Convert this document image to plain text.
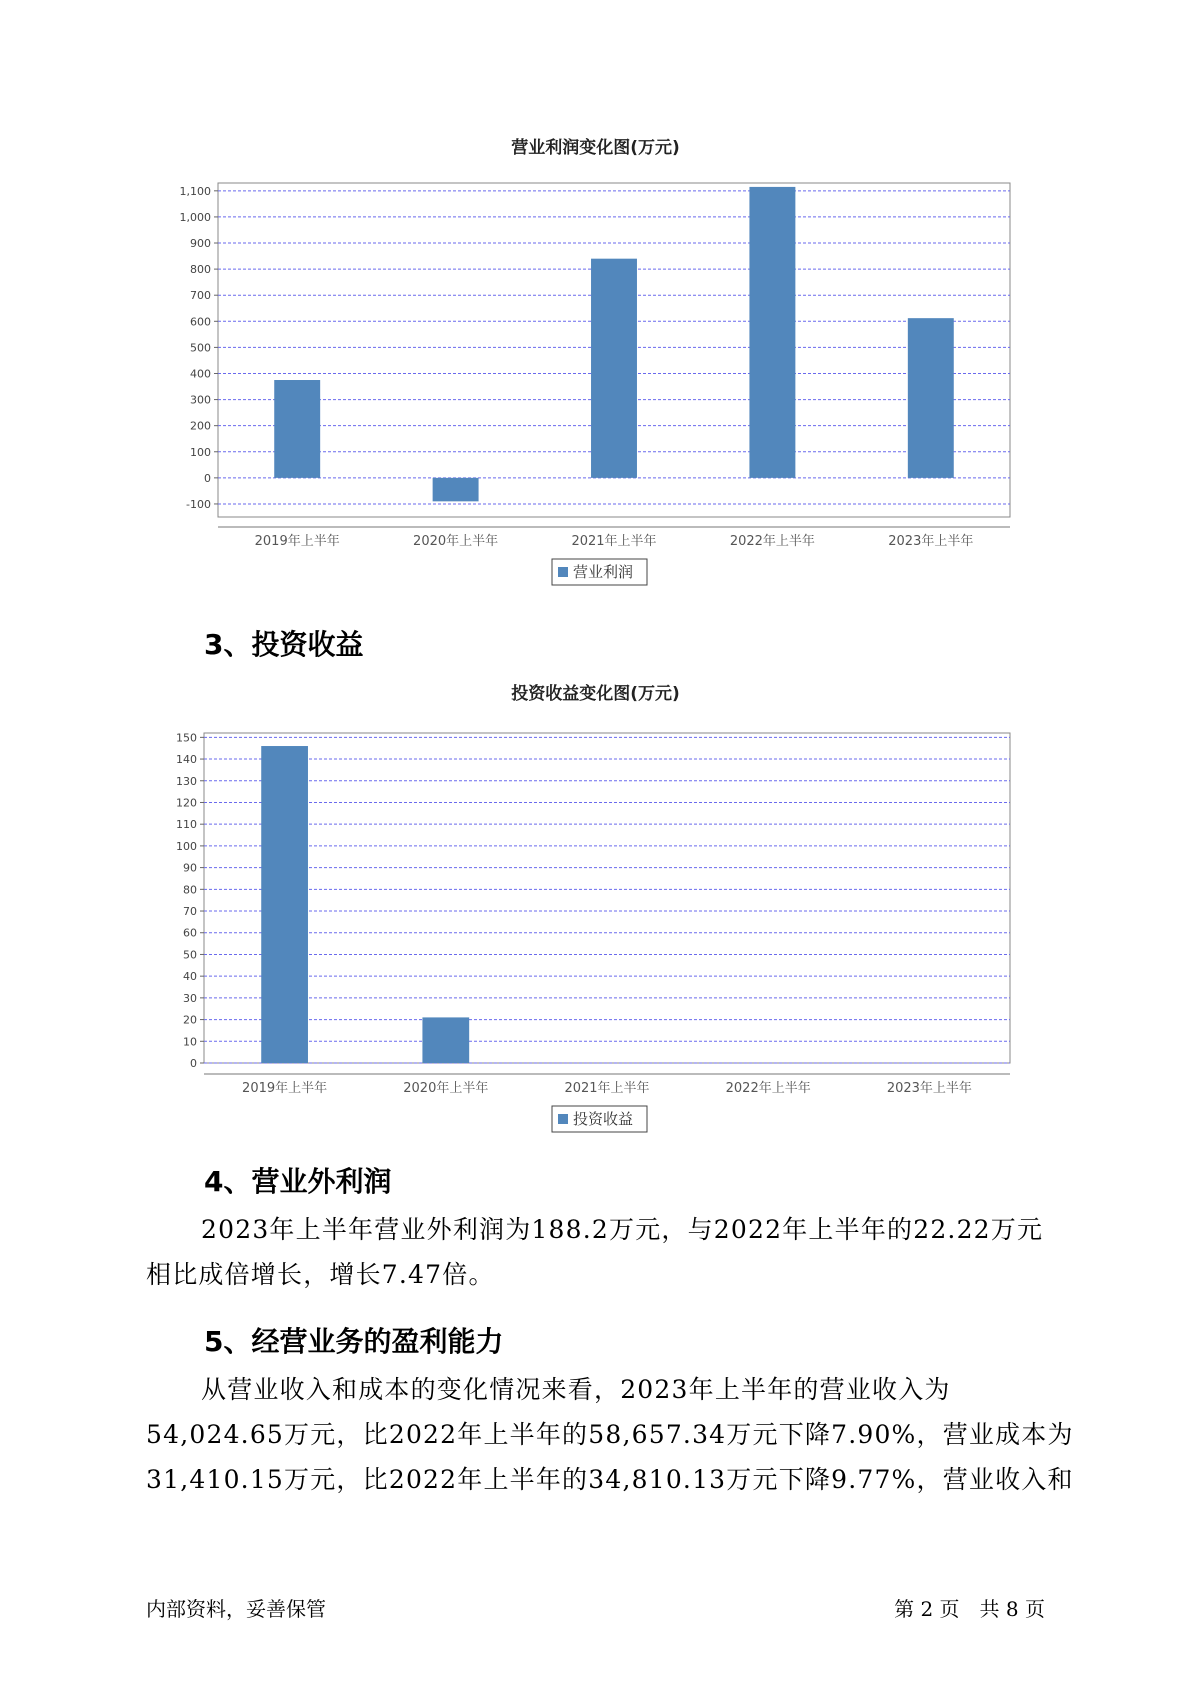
营业利润变化图(万元)
-100
0
100
200
300
400
500
600
700
800
900
1,000
1,100
2019年上半年	2020年上半年	2021年上半年	2022年上半年	2023年上半年
营业利润
3、投资收益
投资收益变化图(万元)
0
10
20
30
40
50
60
70
80
90
100
110
120
130
140
150
2019年上半年	2020年上半年	2021年上半年	2022年上半年	2023年上半年
投资收益
4、营业外利润
2023年上半年营业外利润为188.2万元，与2022年上半年的22.22万元
相比成倍增长，增长7.47倍。
5、经营业务的盈利能力
从营业收入和成本的变化情况来看，2023年上半年的营业收入为
54,024.65万元，比2022年上半年的58,657.34万元下降7.90%，营业成本为
31,410.15万元，比2022年上半年的34,810.13万元下降9.77%，营业收入和
内部资料，妥善保管	第 2 页　共 8 页
